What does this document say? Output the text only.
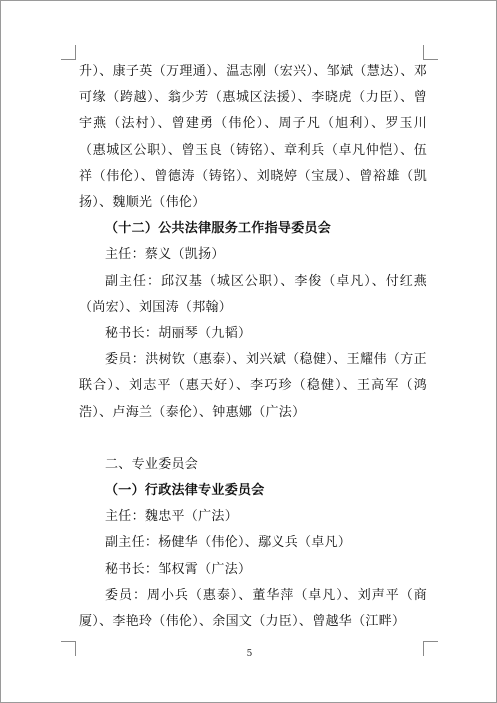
升）、康子英（万理通）、温志刚（宏兴）、邹斌（慧达）、邓可缘（跨越）、翁少芳（惠城区法援）、李晓虎（力臣）、曾宇燕（法村）、曾建勇（伟伦）、周子凡（旭利）、罗玉川（惠城区公职）、曾玉良（铸铭）、章利兵（卓凡仲恺）、伍祥（伟伦）、曾德涛（铸铭）、刘晓婷（宝晟）、曾裕雄（凯扬）、魏顺光（伟伦）

（十二）公共法律服务工作指导委员会

主任：蔡义（凯扬）

副主任：邱汉基（城区公职）、李俊（卓凡）、付红燕（尚宏）、刘国涛（邦翰）

秘书长：胡丽琴（九韬）

委员：洪树钦（惠泰）、刘兴斌（稳健）、王耀伟（方正联合）、刘志平（惠天好）、李巧珍（稳健）、王高军（鸿浩）、卢海兰（泰伦）、钟惠娜（广法）

二、专业委员会

（一）行政法律专业委员会

主任：魏忠平（广法）

副主任：杨健华（伟伦）、鄢义兵（卓凡）

秘书长：邹权霄（广法）

委员：周小兵（惠泰）、董华萍（卓凡）、刘声平（商厦）、李艳玲（伟伦）、余国文（力臣）、曾越华（江畔）

5
